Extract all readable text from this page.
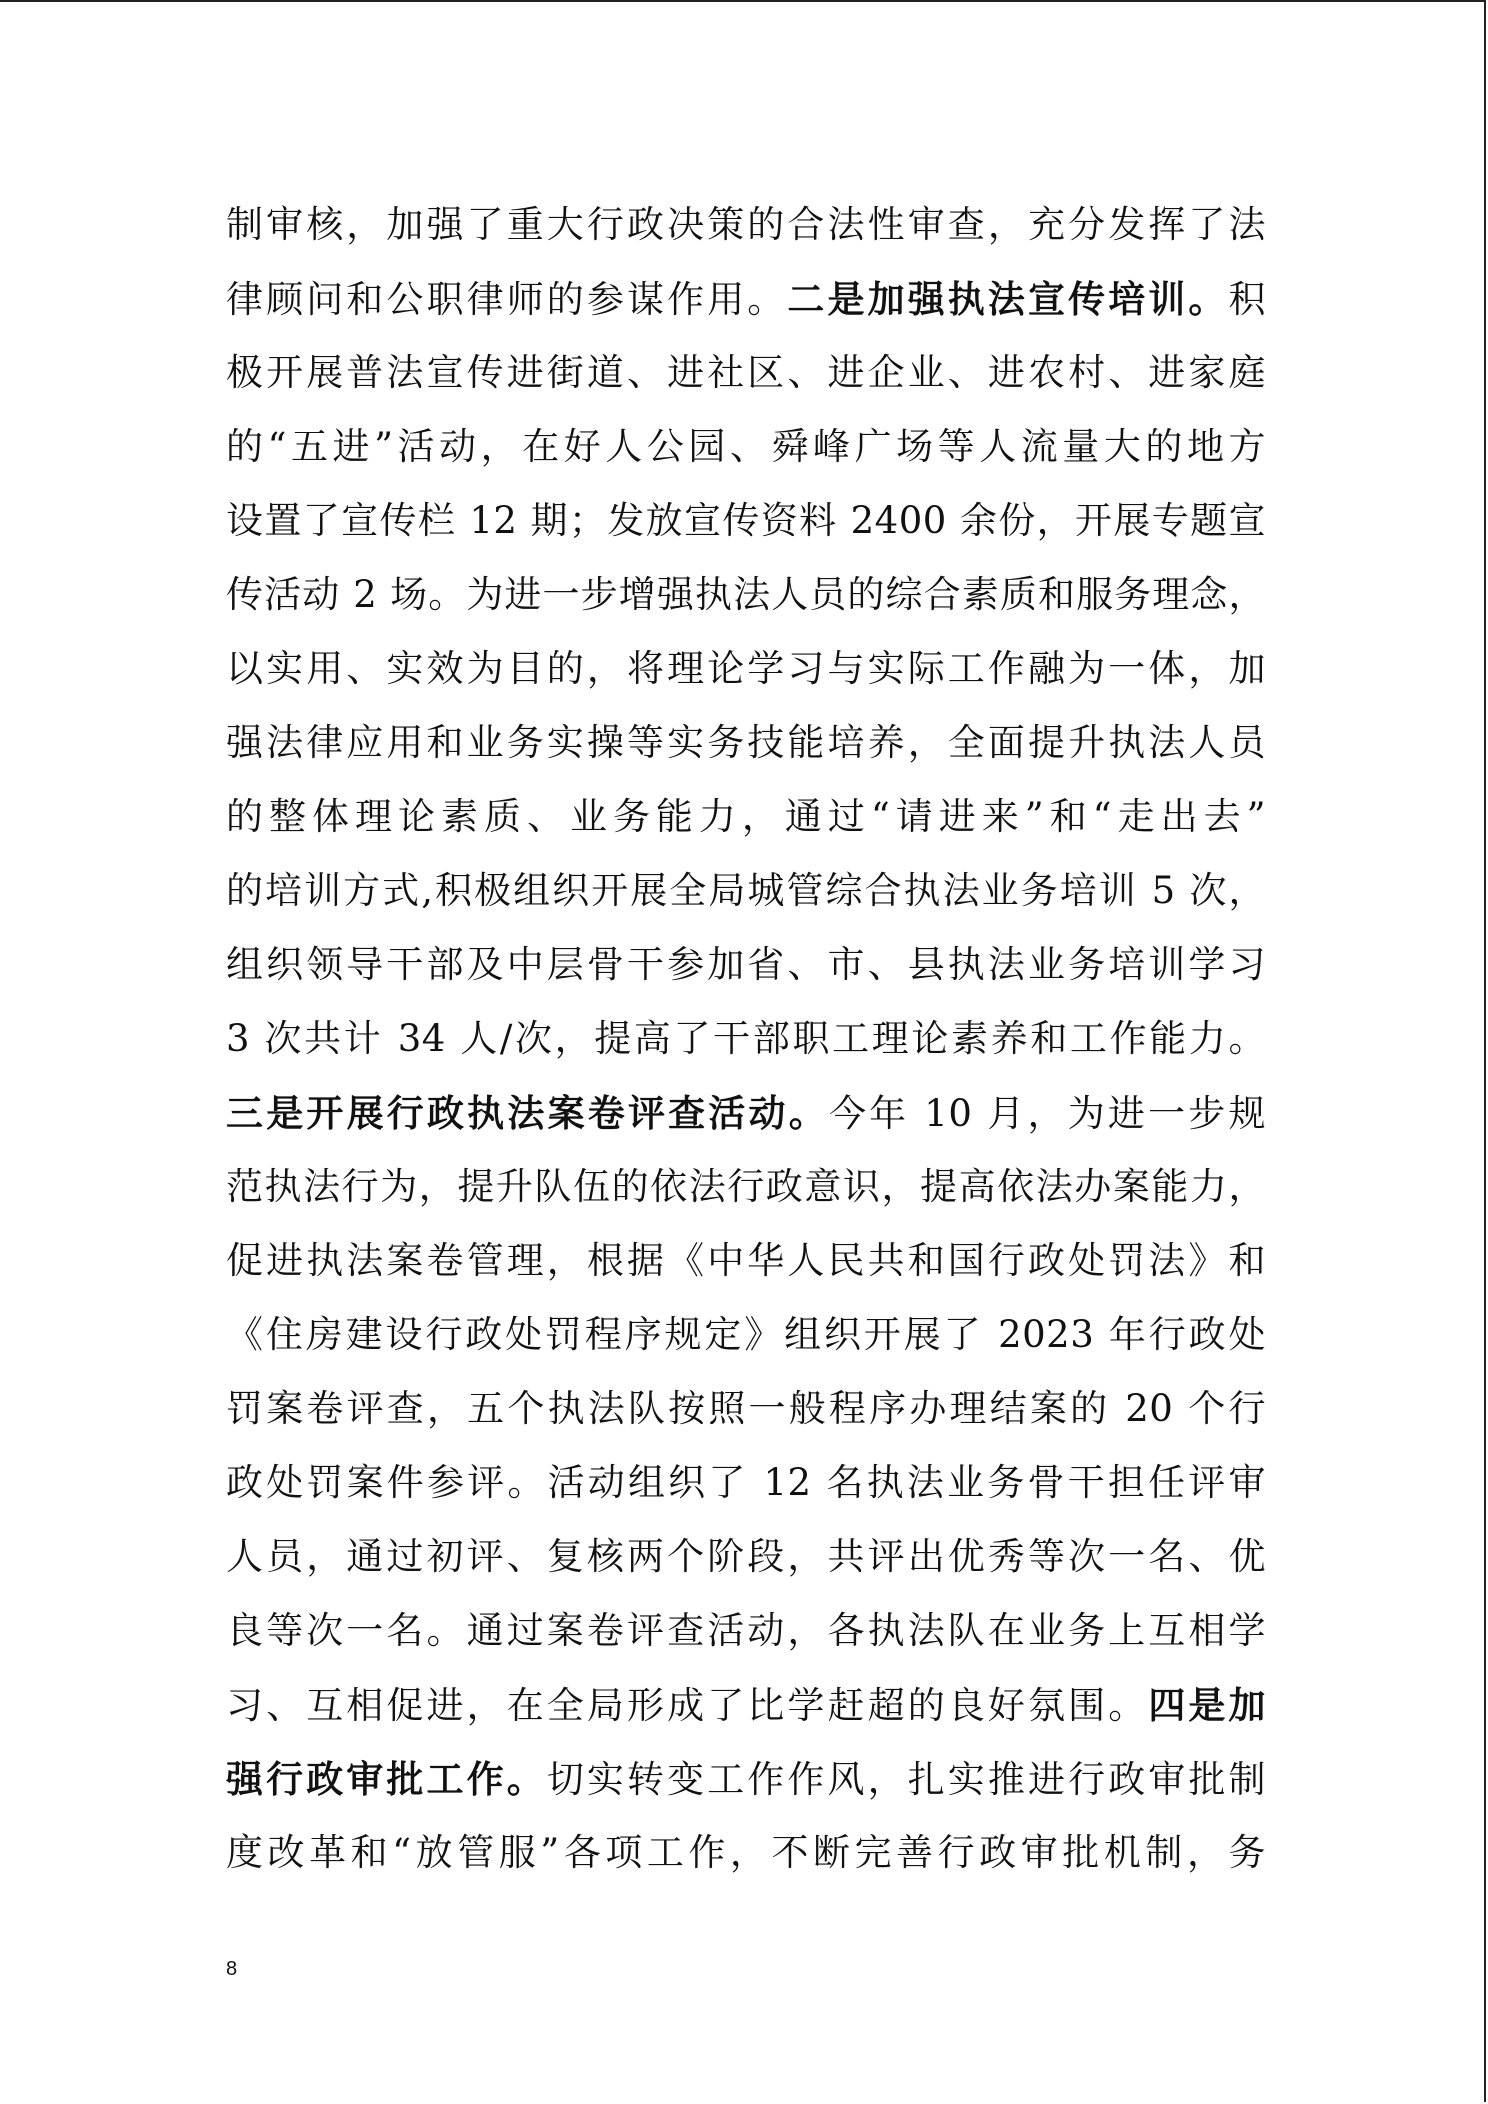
制审核，加强了重大行政决策的合法性审查，充分发挥了法
律顾问和公职律师的参谋作用。二是加强执法宣传培训。积
极开展普法宣传进街道、进社区、进企业、进农村、进家庭
的“五进”活动，在好人公园、舜峰广场等人流量大的地方
设置了宣传栏 12 期；发放宣传资料 2400 余份，开展专题宣
传活动 2 场。为进一步增强执法人员的综合素质和服务理念，
以实用、实效为目的，将理论学习与实际工作融为一体，加
强法律应用和业务实操等实务技能培养，全面提升执法人员
的整体理论素质、业务能力，通过“请进来”和“走出去”
的培训方式,积极组织开展全局城管综合执法业务培训 5 次，
组织领导干部及中层骨干参加省、市、县执法业务培训学习
3 次共计 34 人/次，提高了干部职工理论素养和工作能力。
三是开展行政执法案卷评查活动。今年 10 月，为进一步规
范执法行为，提升队伍的依法行政意识，提高依法办案能力，
促进执法案卷管理，根据《中华人民共和国行政处罚法》和
《住房建设行政处罚程序规定》组织开展了 2023 年行政处
罚案卷评查，五个执法队按照一般程序办理结案的 20 个行
政处罚案件参评。活动组织了 12 名执法业务骨干担任评审
人员，通过初评、复核两个阶段，共评出优秀等次一名、优
良等次一名。通过案卷评查活动，各执法队在业务上互相学
习、互相促进，在全局形成了比学赶超的良好氛围。四是加
强行政审批工作。切实转变工作作风，扎实推进行政审批制
度改革和“放管服”各项工作，不断完善行政审批机制，务
8
